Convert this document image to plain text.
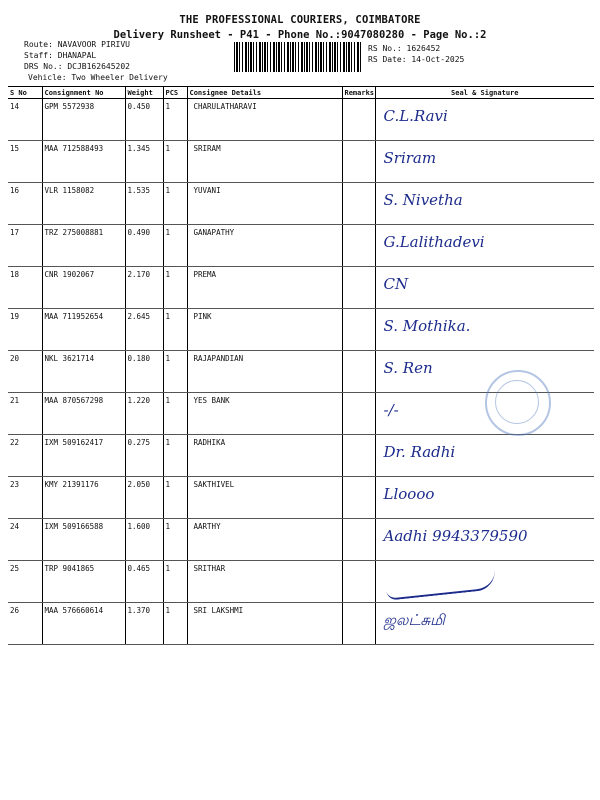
THE PROFESSIONAL COURIERS, COIMBATORE
Delivery Runsheet - P41 - Phone No.:9047080280 - Page No.:2
Route: NAVAVOOR PIRIVU
Staff: DHANAPAL
DRS No.: DCJB162645202
Vehicle: Two Wheeler Delivery
RS No.: 1626452
RS Date: 14-Oct-2025
S No	Consignment No	Weight	PCS	Consignee Details	Remarks	Seal & Signature
14	GPM 5572938	0.450	1	CHARULATHARAVI		C.L.Ravi

15	MAA 712588493	1.345	1	SRIRAM		Sriram

16	VLR 1158082	1.535	1	YUVANI		S. Nivetha

17	TRZ 275008881	0.490	1	GANAPATHY		G.Lalithadevi

18	CNR 1902067	2.170	1	PREMA		CN

19	MAA 711952654	2.645	1	PINK		S. Mothika.

20	NKL 3621714	0.180	1	RAJAPANDIAN		S. Ren

21	MAA 870567298	1.220	1	YES BANK		-/-

22	IXM 509162417	0.275	1	RADHIKA		Dr. Radhi

23	KMY 21391176	2.050	1	SAKTHIVEL		Lloooo

24	IXM 509166588	1.600	1	AARTHY		Aadhi 9943379590

25	TRP 9041865	0.465	1	SRITHAR		

26	MAA 576660614	1.370	1	SRI LAKSHMI		ஜலட்சுமி
